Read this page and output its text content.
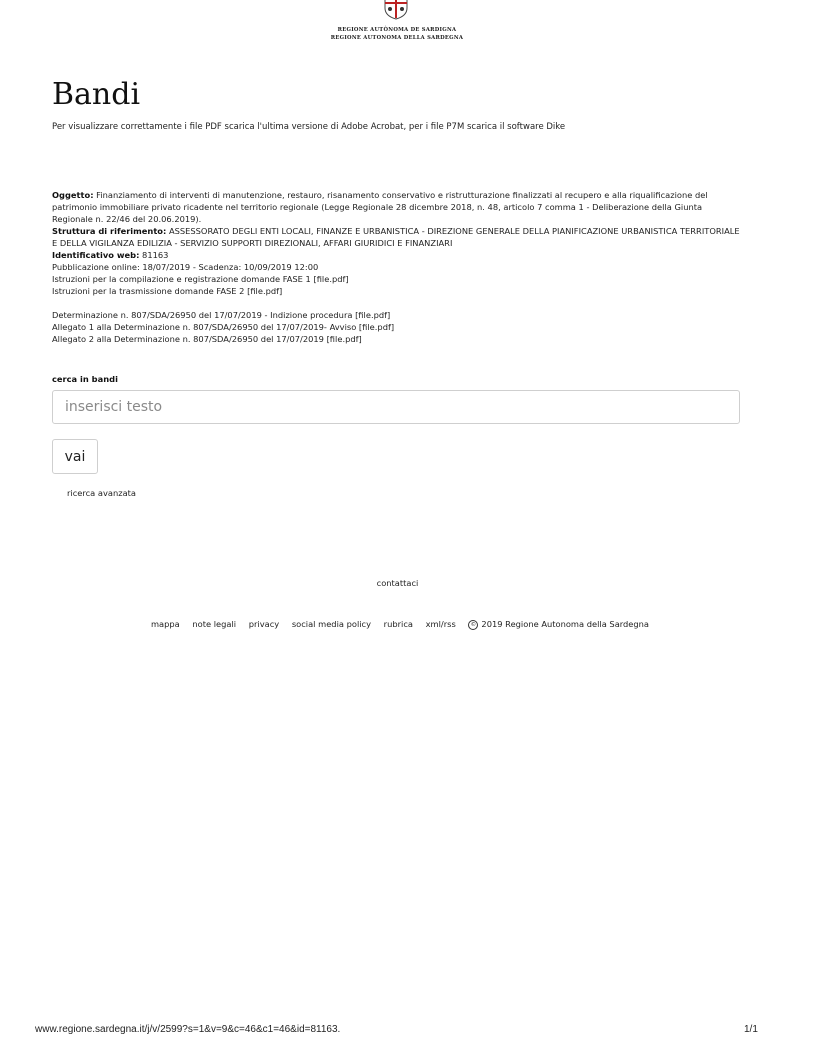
REGIONE AUTÒNOMA DE SARDIGNA
REGIONE AUTONOMA DELLA SARDEGNA
Bandi
Per visualizzare correttamente i file PDF scarica l'ultima versione di Adobe Acrobat, per i file P7M scarica il software Dike
Oggetto: Finanziamento di interventi di manutenzione, restauro, risanamento conservativo e ristrutturazione finalizzati al recupero e alla riqualificazione del patrimonio immobiliare privato ricadente nel territorio regionale (Legge Regionale 28 dicembre 2018, n. 48, articolo 7 comma 1 - Deliberazione della Giunta Regionale n. 22/46 del 20.06.2019).
Struttura di riferimento: ASSESSORATO DEGLI ENTI LOCALI, FINANZE E URBANISTICA - DIREZIONE GENERALE DELLA PIANIFICAZIONE URBANISTICA TERRITORIALE E DELLA VIGILANZA EDILIZIA - SERVIZIO SUPPORTI DIREZIONALI, AFFARI GIURIDICI E FINANZIARI
Identificativo web: 81163
Pubblicazione online: 18/07/2019 - Scadenza: 10/09/2019 12:00
Istruzioni per la compilazione e registrazione domande FASE 1 [file.pdf]
Istruzioni per la trasmissione domande FASE 2 [file.pdf]
Determinazione n. 807/SDA/26950 del 17/07/2019 - Indizione procedura [file.pdf]
Allegato 1 alla Determinazione n. 807/SDA/26950 del 17/07/2019- Avviso [file.pdf]
Allegato 2 alla Determinazione n. 807/SDA/26950 del 17/07/2019 [file.pdf]
cerca in bandi
inserisci testo
vai
ricerca avanzata
contattaci
mappa note legali privacy social media policy rubrica xml/rss	© 2019 Regione Autonoma della Sardegna
www.regione.sardegna.it/j/v/2599?s=1&v=9&c=46&c1=46&id=81163.	1/1
